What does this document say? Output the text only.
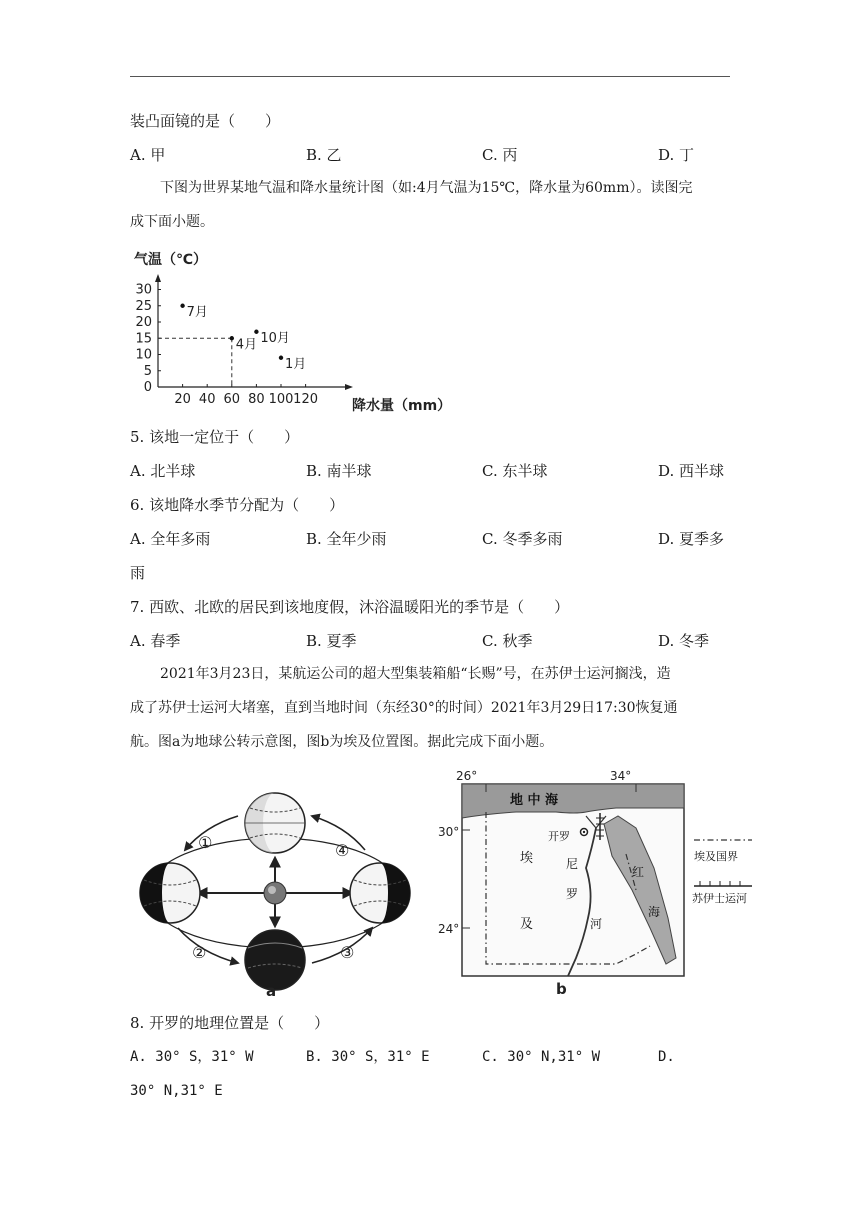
装凸面镜的是（　　）
A. 甲	B. 乙	C. 丙	D. 丁
下图为世界某地气温和降水量统计图（如:4月气温为15℃，降水量为60mm）。读图完
成下面小题。
气温（℃）
降水量（mm）
0
5
10
15
20
25
30
20 40 60 80 100 120
7月
4月 10月
1月
5. 该地一定位于（　　）
A. 北半球	B. 南半球	C. 东半球	D. 西半球
6. 该地降水季节分配为（　　）
A. 全年多雨	B. 全年少雨	C. 冬季多雨	D. 夏季多
雨
7. 西欧、北欧的居民到该地度假，沐浴温暖阳光的季节是（　　）
A. 春季	B. 夏季	C. 秋季	D. 冬季
2021年3月23日，某航运公司的超大型集装箱船“长赐”号，在苏伊士运河搁浅，造
成了苏伊士运河大堵塞，直到当地时间（东经30°的时间）2021年3月29日17:30恢复通
航。图a为地球公转示意图，图b为埃及位置图。据此完成下面小题。
①
②	③
④
a
26°	34°
30°
24°
地 中 海
开罗
埃
及
尼
罗
河
红
海
埃及国界
苏伊士运河
b
8. 开罗的地理位置是（　　）
A. 30° S，31° W	B. 30° S，31° E	C. 30° N,31° W	D.
30° N,31° E
